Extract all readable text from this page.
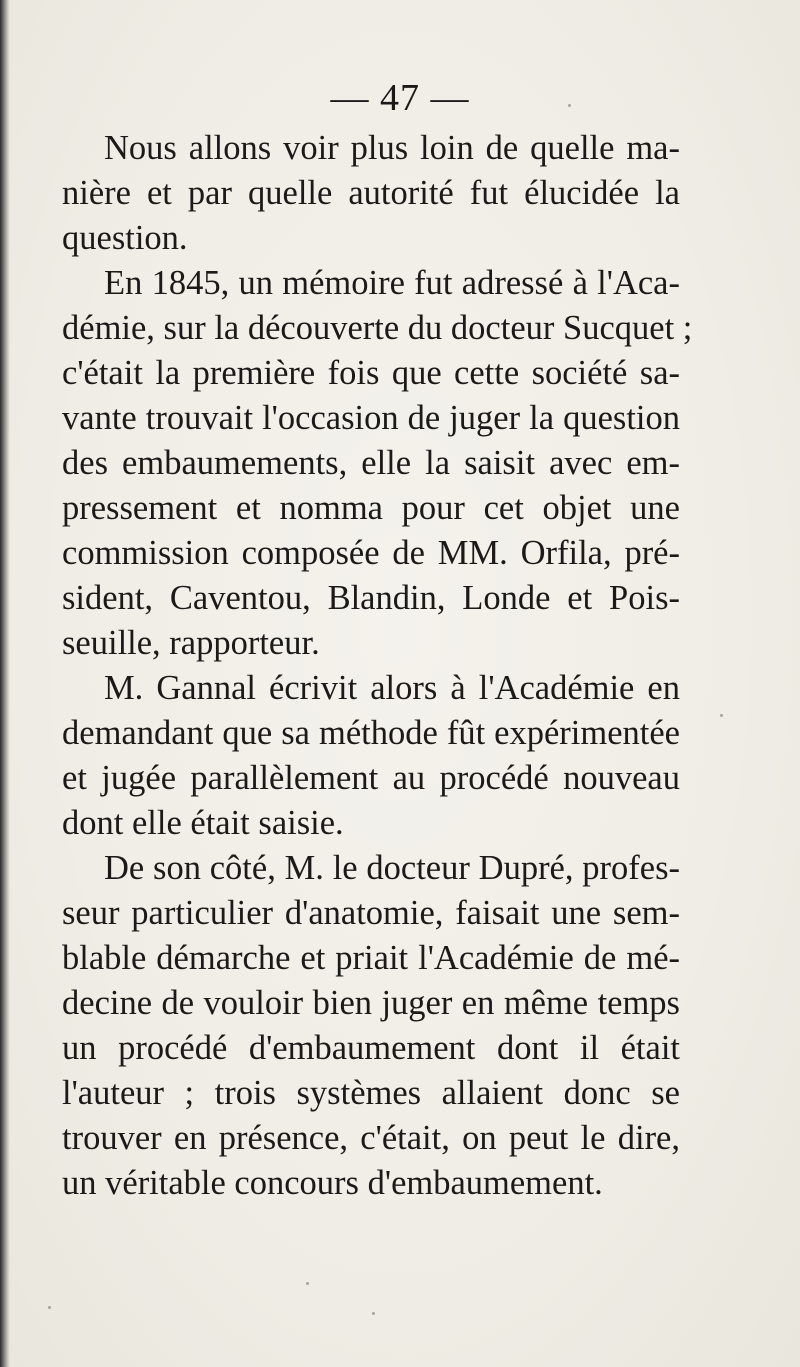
— 47 —
Nous allons voir plus loin de quelle ma-
nière et par quelle autorité fut élucidée la
question.
En 1845, un mémoire fut adressé à l'Aca-
démie, sur la découverte du docteur Sucquet ;
c'était la première fois que cette société sa-
vante trouvait l'occasion de juger la question
des embaumements, elle la saisit avec em-
pressement et nomma pour cet objet une
commission composée de MM. Orfila, pré-
sident, Caventou, Blandin, Londe et Pois-
seuille, rapporteur.
M. Gannal écrivit alors à l'Académie en
demandant que sa méthode fût expérimentée
et jugée parallèlement au procédé nouveau
dont elle était saisie.
De son côté, M. le docteur Dupré, profes-
seur particulier d'anatomie, faisait une sem-
blable démarche et priait l'Académie de mé-
decine de vouloir bien juger en même temps
un procédé d'embaumement dont il était
l'auteur ; trois systèmes allaient donc se
trouver en présence, c'était, on peut le dire,
un véritable concours d'embaumement.
